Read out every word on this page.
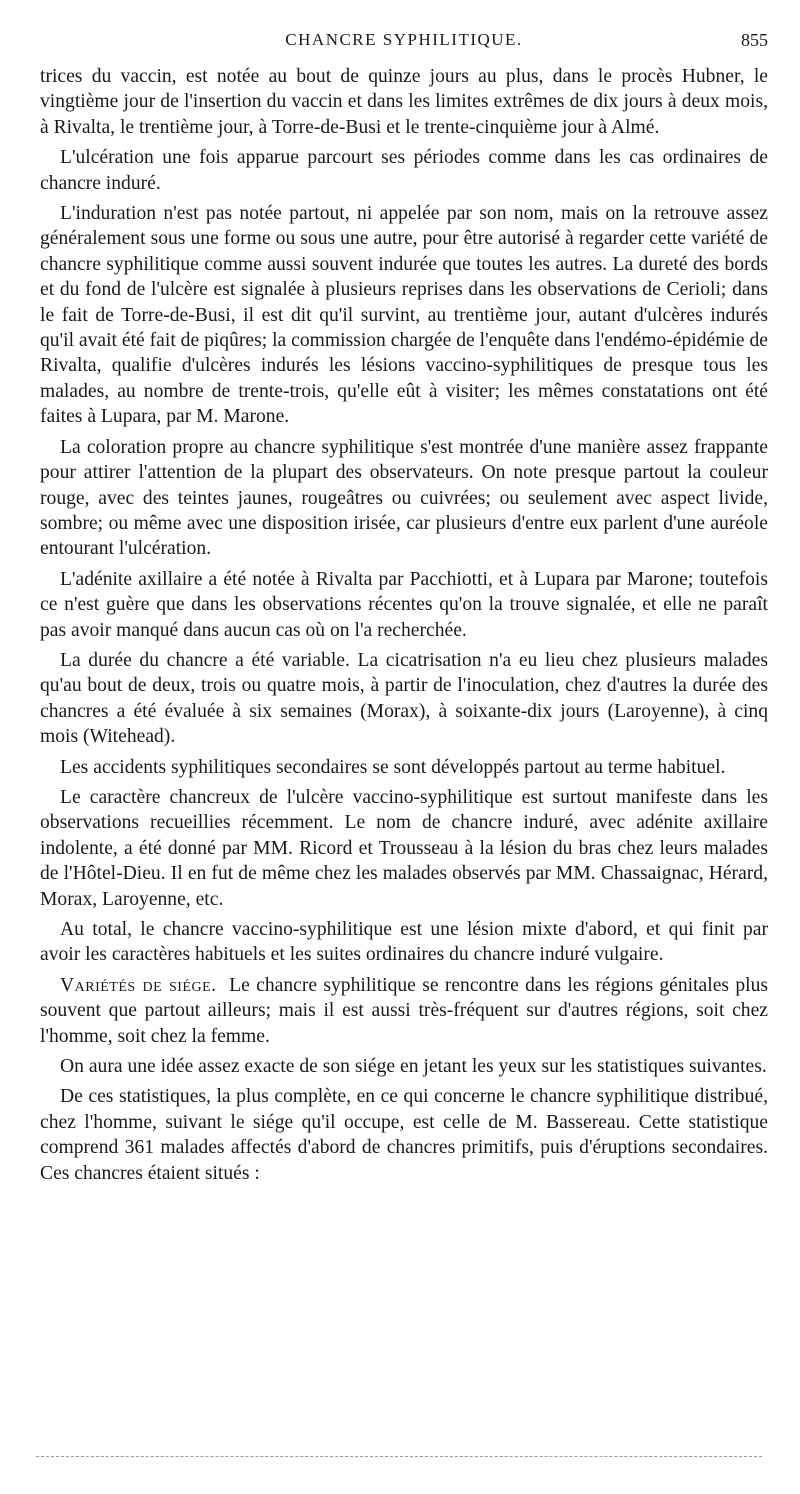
CHANCRE SYPHILITIQUE.	855

trices du vaccin, est notée au bout de quinze jours au plus, dans le procès Hubner, le vingtième jour de l'insertion du vaccin et dans les limites extrêmes de dix jours à deux mois, à Rivalta, le trentième jour, à Torre-de-Busi et le trente-cinquième jour à Almé.

L'ulcération une fois apparue parcourt ses périodes comme dans les cas ordinaires de chancre induré.

L'induration n'est pas notée partout, ni appelée par son nom, mais on la retrouve assez généralement sous une forme ou sous une autre, pour être autorisé à regarder cette variété de chancre syphilitique comme aussi souvent indurée que toutes les autres. La dureté des bords et du fond de l'ulcère est signalée à plusieurs reprises dans les observations de Cerioli; dans le fait de Torre-de-Busi, il est dit qu'il survint, au trentième jour, autant d'ulcères indurés qu'il avait été fait de piqûres; la commission chargée de l'enquête dans l'endémo-épidémie de Rivalta, qualifie d'ulcères indurés les lésions vaccino-syphilitiques de presque tous les malades, au nombre de trente-trois, qu'elle eût à visiter; les mêmes constatations ont été faites à Lupara, par M. Marone.

La coloration propre au chancre syphilitique s'est montrée d'une manière assez frappante pour attirer l'attention de la plupart des observateurs. On note presque partout la couleur rouge, avec des teintes jaunes, rougeâtres ou cuivrées; ou seulement avec aspect livide, sombre; ou même avec une disposition irisée, car plusieurs d'entre eux parlent d'une auréole entourant l'ulcération.

L'adénite axillaire a été notée à Rivalta par Pacchiotti, et à Lupara par Marone; toutefois ce n'est guère que dans les observations récentes qu'on la trouve signalée, et elle ne paraît pas avoir manqué dans aucun cas où on l'a recherchée.

La durée du chancre a été variable. La cicatrisation n'a eu lieu chez plusieurs malades qu'au bout de deux, trois ou quatre mois, à partir de l'inoculation, chez d'autres la durée des chancres a été évaluée à six semaines (Morax), à soixante-dix jours (Laroyenne), à cinq mois (Witehead).

Les accidents syphilitiques secondaires se sont développés partout au terme habituel.

Le caractère chancreux de l'ulcère vaccino-syphilitique est surtout manifeste dans les observations recueillies récemment. Le nom de chancre induré, avec adénite axillaire indolente, a été donné par MM. Ricord et Trousseau à la lésion du bras chez leurs malades de l'Hôtel-Dieu. Il en fut de même chez les malades observés par MM. Chassaignac, Hérard, Morax, Laroyenne, etc.

Au total, le chancre vaccino-syphilitique est une lésion mixte d'abord, et qui finit par avoir les caractères habituels et les suites ordinaires du chancre induré vulgaire.

Variétés de siége. Le chancre syphilitique se rencontre dans les régions génitales plus souvent que partout ailleurs; mais il est aussi très-fréquent sur d'autres régions, soit chez l'homme, soit chez la femme.

On aura une idée assez exacte de son siége en jetant les yeux sur les statistiques suivantes.

De ces statistiques, la plus complète, en ce qui concerne le chancre syphilitique distribué, chez l'homme, suivant le siége qu'il occupe, est celle de M. Bassereau. Cette statistique comprend 361 malades affectés d'abord de chancres primitifs, puis d'éruptions secondaires. Ces chancres étaient situés :
